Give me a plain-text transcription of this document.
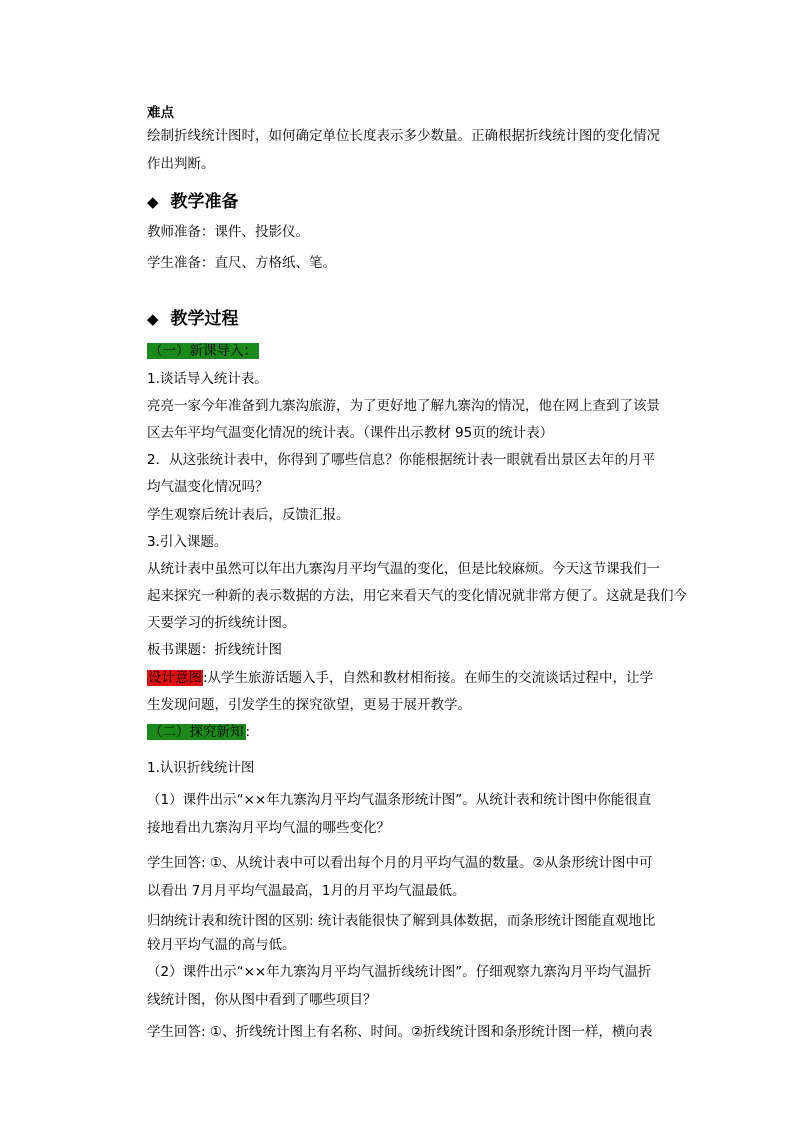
难点
绘制折线统计图时，如何确定单位长度表示多少数量。正确根据折线统计图的变化情况
作出判断。
◆ 教学准备
教师准备：课件、投影仪。
学生准备：直尺、方格纸、笔。
◆ 教学过程
（一）新课导入：
1.谈话导入统计表。
亮亮一家今年准备到九寨沟旅游，为了更好地了解九寨沟的情况，他在网上查到了该景
区去年平均气温变化情况的统计表。（课件出示教材 95页的统计表）
2．从这张统计表中，你得到了哪些信息？你能根据统计表一眼就看出景区去年的月平
均气温变化情况吗？
学生观察后统计表后，反馈汇报。
3.引入课题。
从统计表中虽然可以年出九寨沟月平均气温的变化，但是比较麻烦。今天这节课我们一
起来探究一种新的表示数据的方法，用它来看天气的变化情况就非常方便了。这就是我们今
天要学习的折线统计图。
板书课题：折线统计图
设计意图:从学生旅游话题入手，自然和教材相衔接。在师生的交流谈话过程中，让学
生发现问题，引发学生的探究欲望，更易于展开教学。
（二）探究新知 :
1.认识折线统计图
（1）课件出示“××年九寨沟月平均气温条形统计图”。从统计表和统计图中你能很直
接地看出九寨沟月平均气温的哪些变化？
学生回答: ①、从统计表中可以看出每个月的月平均气温的数量。②从条形统计图中可
以看出 7月月平均气温最高，1月的月平均气温最低。
归纳统计表和统计图的区别: 统计表能很快了解到具体数据，而条形统计图能直观地比
较月平均气温的高与低。
（2）课件出示“××年九寨沟月平均气温折线统计图”。仔细观察九寨沟月平均气温折
线统计图，你从图中看到了哪些项目？
学生回答: ①、折线统计图上有名称、时间。②折线统计图和条形统计图一样，横向表
